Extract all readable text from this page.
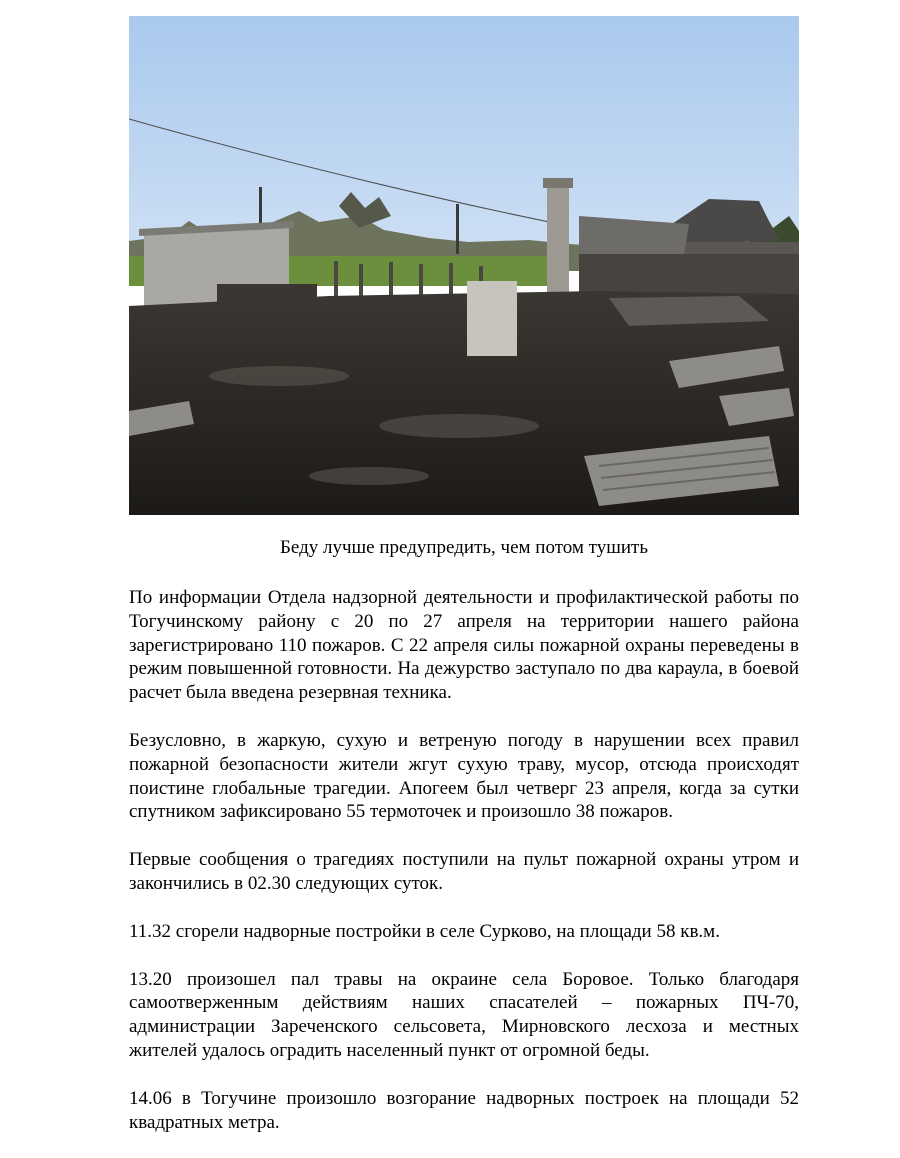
Беду лучше предупредить, чем потом тушить

По информации Отдела надзорной деятельности и профилактической работы по Тогучинскому району с 20 по 27 апреля на территории нашего района зарегистрировано 110 пожаров. С 22 апреля силы пожарной охраны переведены в режим повышенной готовности. На дежурство заступало по два караула, в боевой расчет была введена резервная техника.

Безусловно, в жаркую, сухую и ветреную погоду в нарушении всех правил пожарной безопасности жители жгут сухую траву, мусор, отсюда происходят поистине глобальные трагедии. Апогеем был четверг 23 апреля, когда за сутки спутником зафиксировано 55 термоточек и произошло 38 пожаров.

Первые сообщения о трагедиях поступили на пульт пожарной охраны утром и закончились в 02.30 следующих суток.

11.32 сгорели надворные постройки в селе Сурково, на площади 58 кв.м.

13.20 произошел пал травы на окраине села Боровое. Только благодаря самоотверженным действиям наших спасателей – пожарных ПЧ-70, администрации Зареченского сельсовета, Мирновского лесхоза и местных жителей удалось оградить населенный пункт от огромной беды.

14.06 в Тогучине произошло возгорание надворных построек на площади 52 квадратных метра.
